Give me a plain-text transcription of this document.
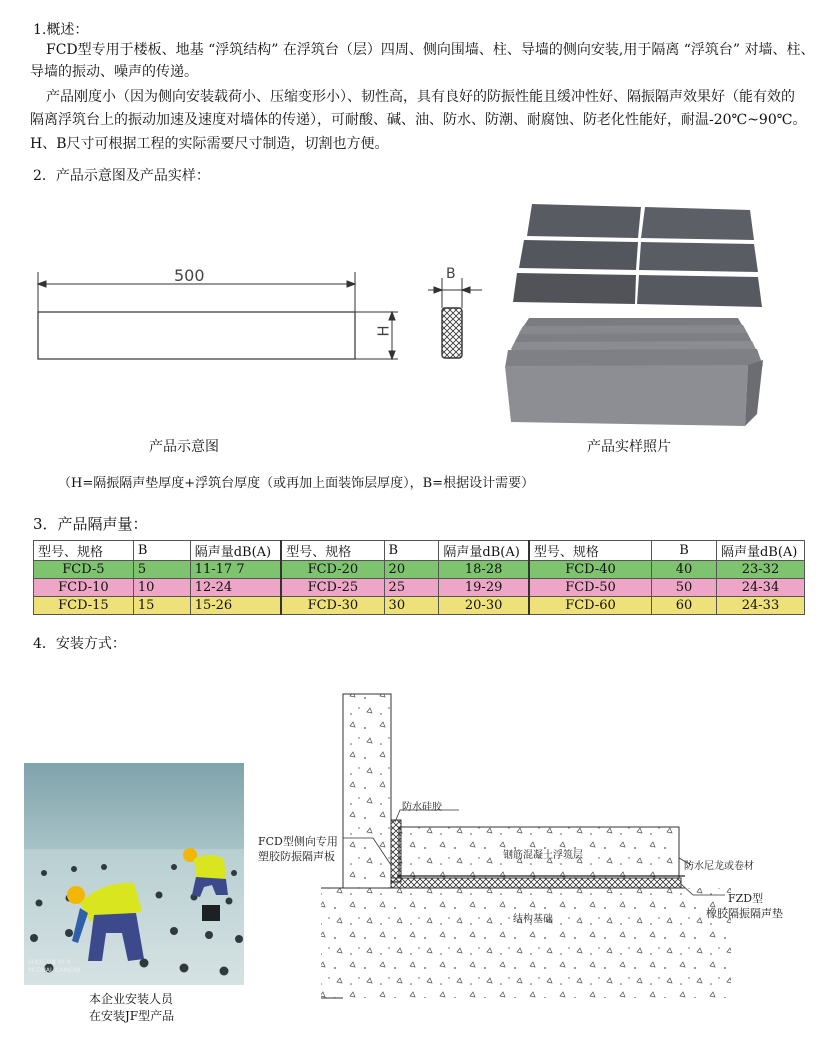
1.概述：
FCD型专用于楼板、地基 “浮筑结构” 在浮筑台（层）四周、侧向围墙、柱、导墙的侧向安装,用于隔离 “浮筑台” 对墙、柱、
导墙的振动、噪声的传递。
产品刚度小（因为侧向安装载荷小、压缩变形小）、韧性高，具有良好的防振性能且缓冲性好、隔振隔声效果好（能有效的
隔离浮筑台上的振动加速及速度对墙体的传递），可耐酸、碱、油、防水、防潮、耐腐蚀、防老化性能好，耐温-20℃~90℃。
H、B尺寸可根据工程的实际需要尺寸制造，切割也方便。
2．产品示意图及产品实样：
500
H
B
产品示意图	产品实样照片
（H=隔振隔声垫厚度+浮筑台厚度（或再加上面装饰层厚度），B=根据设计需要）
3．产品隔声量：
型号、规格	B	隔声量dB(A)	型号、规格	B	隔声量dB(A)	型号、规格	B	隔声量dB(A)
FCD-5	5	11-17 7	FCD-20	20	18-28	FCD-40	40	23-32
FCD-10	10	12-24	FCD-25	25	19-29	FCD-50	50	24-34
FCD-15	15	15-26	FCD-30	30	20-30	FCD-60	60	24-33
4．安装方式：
SHOT ON MI 8
MI DUAL CAMERA
本企业安装人员
在安装JF型产品
防水硅胶
FCD型侧向专用
塑胶防振隔声板	钢筋混凝土浮筑层
防水尼龙或卷材
FZD型
橡胶隔振隔声垫
结构基础
